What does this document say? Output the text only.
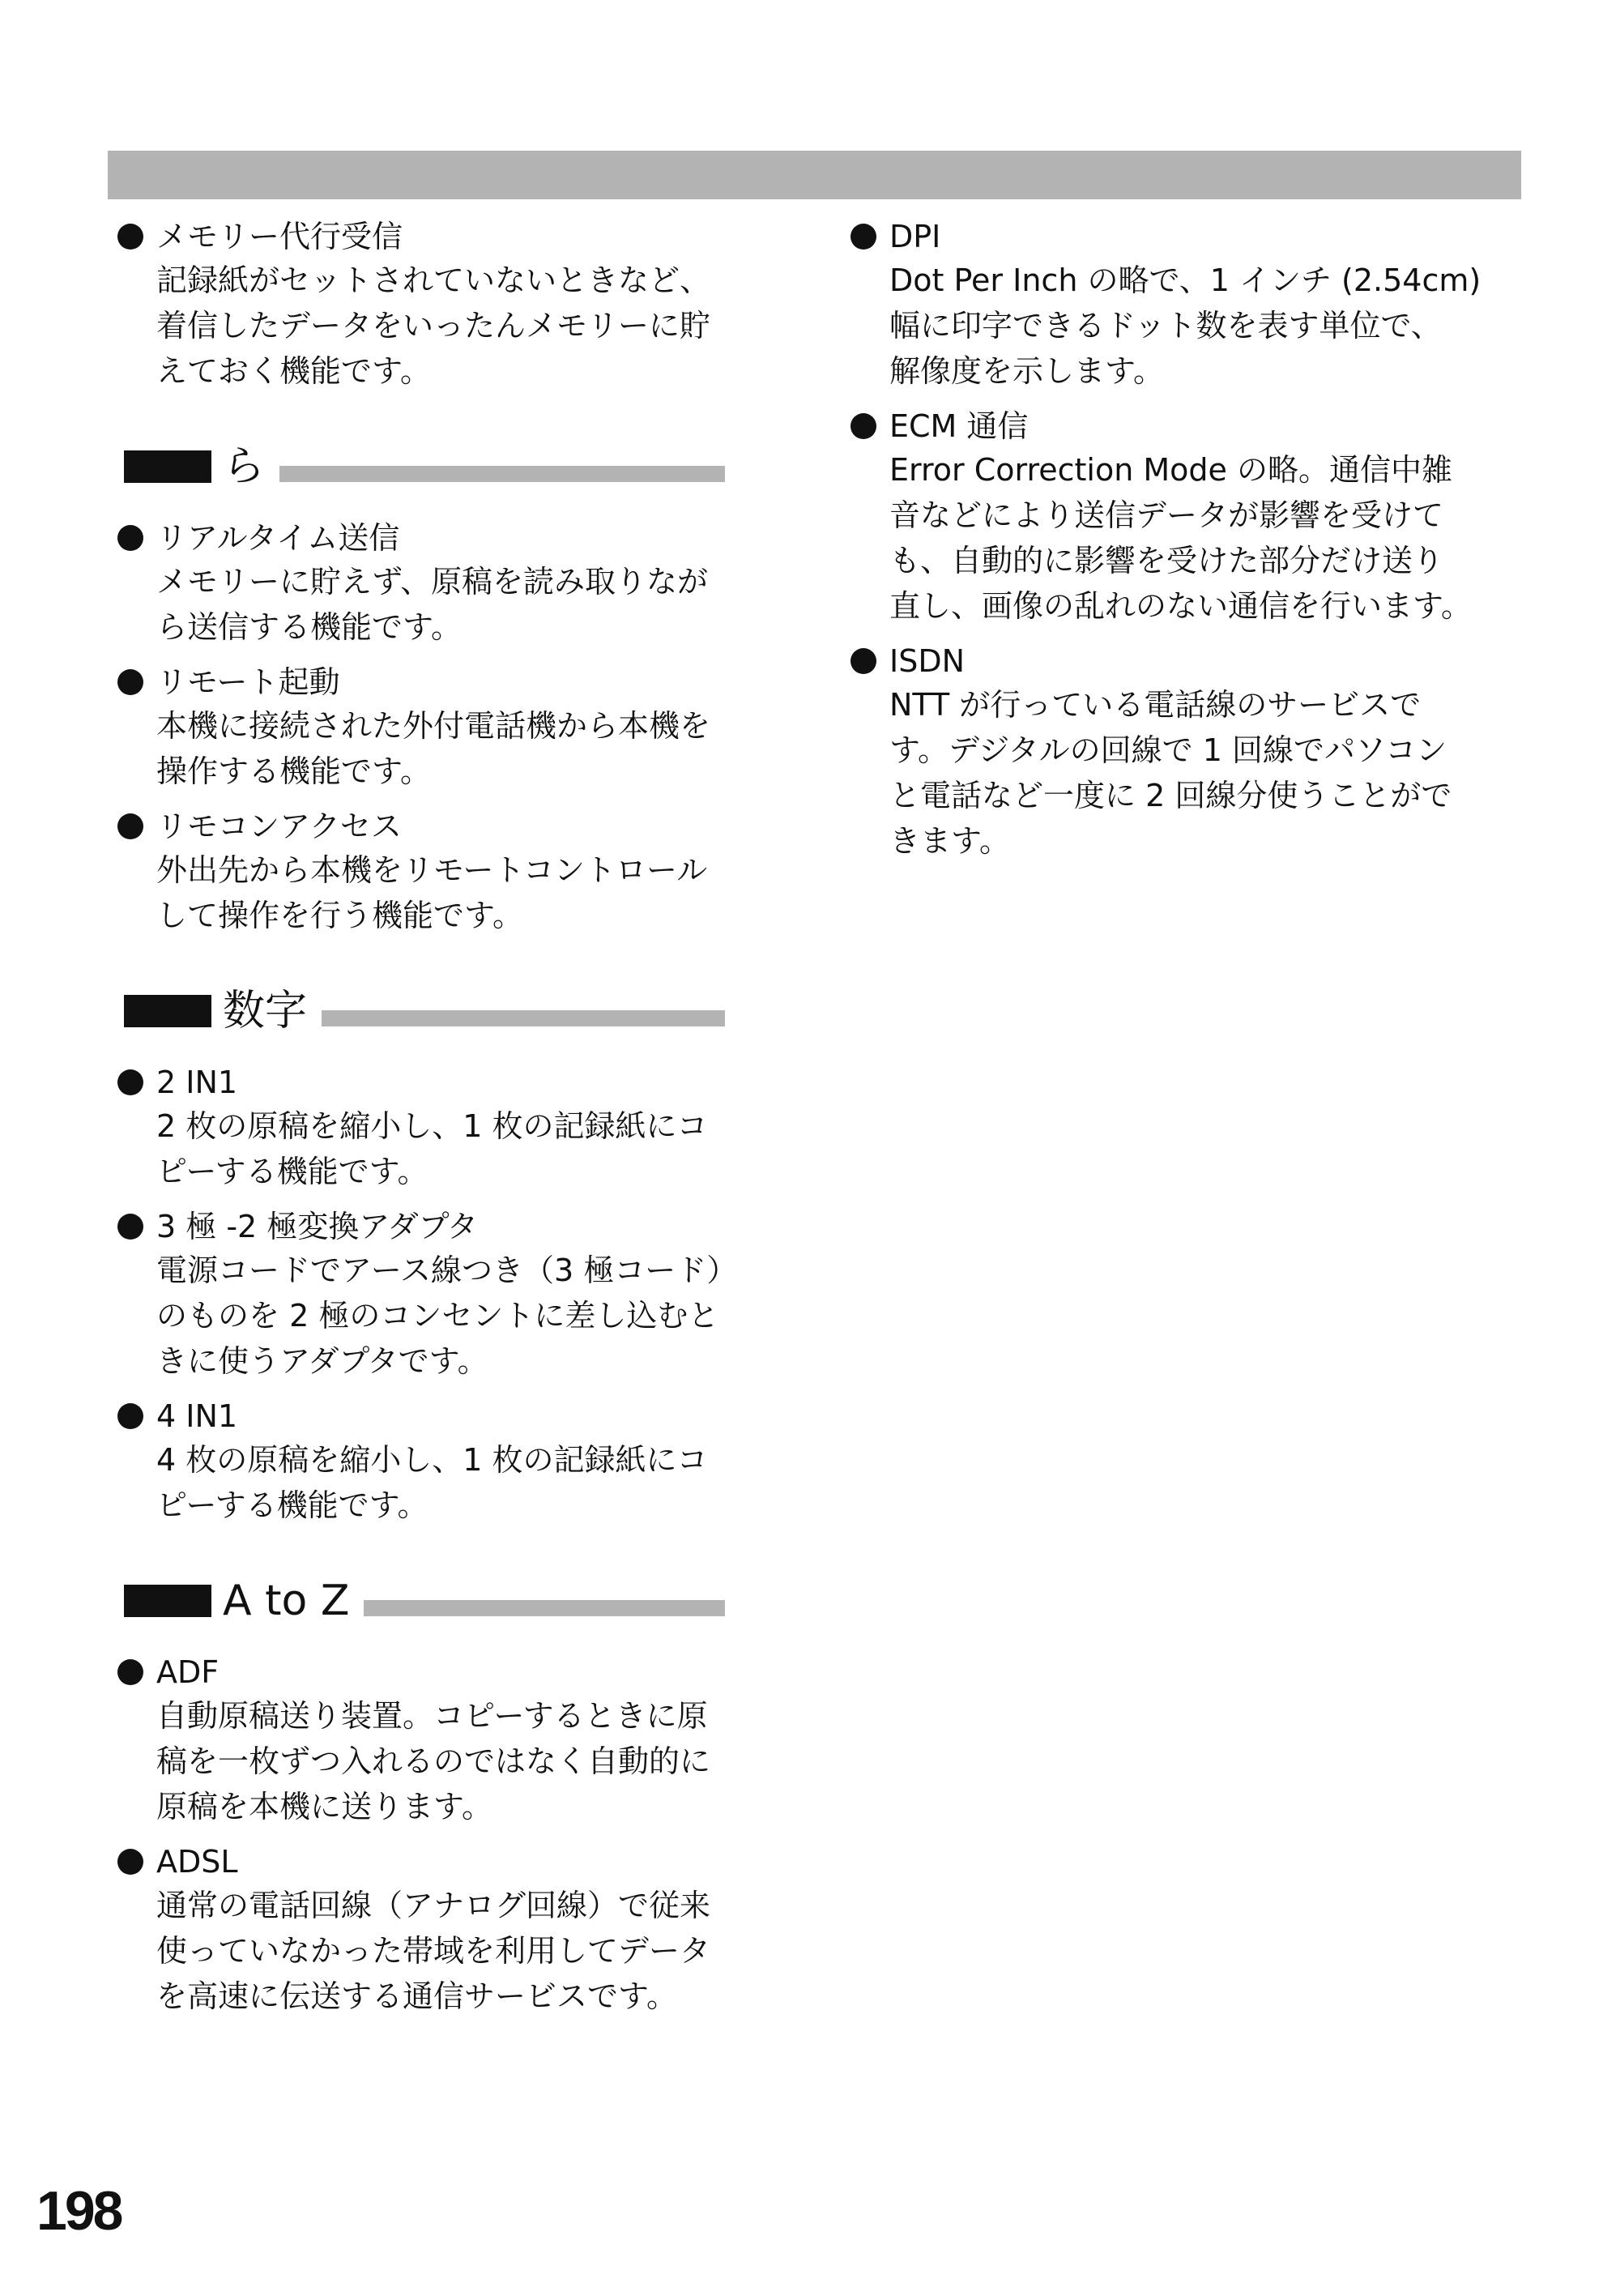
メモリー代行受信
記録紙がセットされていないときなど、
着信したデータをいったんメモリーに貯
えておく機能です。
ら
リアルタイム送信
メモリーに貯えず、原稿を読み取りなが
ら送信する機能です。
リモート起動
本機に接続された外付電話機から本機を
操作する機能です。
リモコンアクセス
外出先から本機をリモートコントロール
して操作を行う機能です。
数字
2 IN1
2 枚の原稿を縮小し、1 枚の記録紙にコ
ピーする機能です。
3 極 -2 極変換アダプタ
電源コードでアース線つき（3 極コード）
のものを 2 極のコンセントに差し込むと
きに使うアダプタです。
4 IN1
4 枚の原稿を縮小し、1 枚の記録紙にコ
ピーする機能です。
A to Z
ADF
自動原稿送り装置。コピーするときに原
稿を一枚ずつ入れるのではなく自動的に
原稿を本機に送ります。
ADSL
通常の電話回線（アナログ回線）で従来
使っていなかった帯域を利用してデータ
を高速に伝送する通信サービスです。
DPI
Dot Per Inch の略で、1 インチ (2.54cm)
幅に印字できるドット数を表す単位で、
解像度を示します。
ECM 通信
Error Correction Mode の略。通信中雑
音などにより送信データが影響を受けて
も、自動的に影響を受けた部分だけ送り
直し、画像の乱れのない通信を行います。
ISDN
NTT が行っている電話線のサービスで
す。デジタルの回線で 1 回線でパソコン
と電話など一度に 2 回線分使うことがで
きます。
198
